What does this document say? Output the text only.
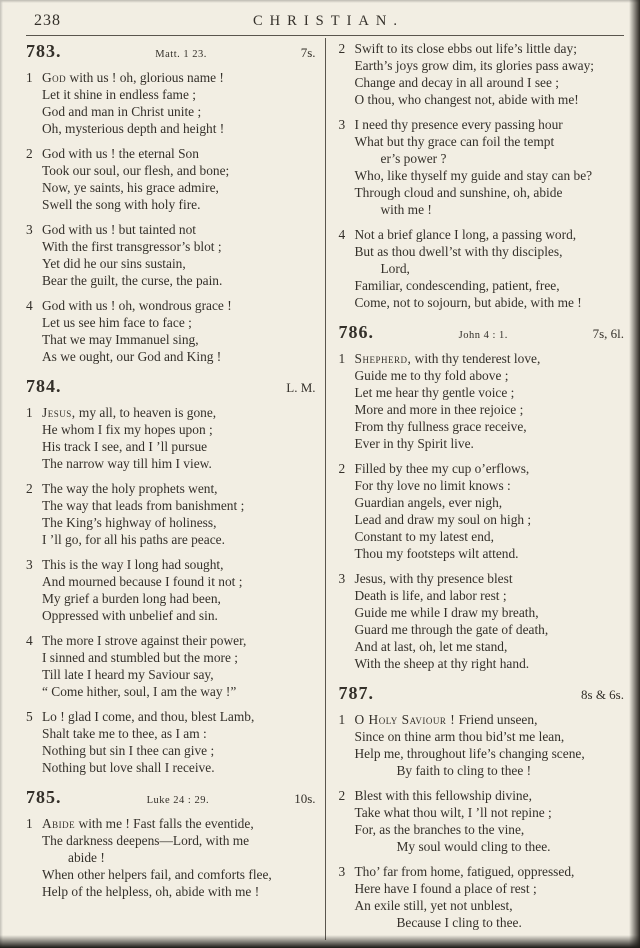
238	CHRISTIAN.
783.	Matt. 1 23.	7s.
1 God with us ! oh, glorious name !
Let it shine in endless fame ;
God and man in Christ unite ;
Oh, mysterious depth and height !
2 God with us ! the eternal Son
Took our soul, our flesh, and bone;
Now, ye saints, his grace admire,
Swell the song with holy fire.
3 God with us ! but tainted not
With the first transgressor’s blot ;
Yet did he our sins sustain,
Bear the guilt, the curse, the pain.
4 God with us ! oh, wondrous grace !
Let us see him face to face ;
That we may Immanuel sing,
As we ought, our God and King !
784.	L. M.
1 Jesus, my all, to heaven is gone,
He whom I fix my hopes upon ;
His track I see, and I ’ll pursue
The narrow way till him I view.
2 The way the holy prophets went,
The way that leads from banishment ;
The King’s highway of holiness,
I ’ll go, for all his paths are peace.
3 This is the way I long had sought,
And mourned because I found it not ;
My grief a burden long had been,
Oppressed with unbelief and sin.
4 The more I strove against their power,
I sinned and stumbled but the more ;
Till late I heard my Saviour say,
“ Come hither, soul, I am the way !”
5 Lo ! glad I come, and thou, blest Lamb,
Shalt take me to thee, as I am :
Nothing but sin I thee can give ;
Nothing but love shall I receive.
785.	Luke 24 : 29.	10s.
1 Abide with me ! Fast falls the eventide,
The darkness deepens—Lord, with me
abide !
When other helpers fail, and comforts flee,
Help of the helpless, oh, abide with me !
2 Swift to its close ebbs out life’s little day;
Earth’s joys grow dim, its glories pass away;
Change and decay in all around I see ;
O thou, who changest not, abide with me!
3 I need thy presence every passing hour
What but thy grace can foil the tempt
er’s power ?
Who, like thyself my guide and stay can be?
Through cloud and sunshine, oh, abide
with me !
4 Not a brief glance I long, a passing word,
But as thou dwell’st with thy disciples,
Lord,
Familiar, condescending, patient, free,
Come, not to sojourn, but abide, with me !
786.	John 4 : 1.	7s, 6l.
1 Shepherd, with thy tenderest love,
Guide me to thy fold above ;
Let me hear thy gentle voice ;
More and more in thee rejoice ;
From thy fullness grace receive,
Ever in thy Spirit live.
2 Filled by thee my cup o’erflows,
For thy love no limit knows :
Guardian angels, ever nigh,
Lead and draw my soul on high ;
Constant to my latest end,
Thou my footsteps wilt attend.
3 Jesus, with thy presence blest
Death is life, and labor rest ;
Guide me while I draw my breath,
Guard me through the gate of death,
And at last, oh, let me stand,
With the sheep at thy right hand.
787.	8s & 6s.
1 O Holy Saviour ! Friend unseen,
Since on thine arm thou bid’st me lean,
Help me, throughout life’s changing scene,
By faith to cling to thee !
2 Blest with this fellowship divine,
Take what thou wilt, I ’ll not repine ;
For, as the branches to the vine,
My soul would cling to thee.
3 Tho’ far from home, fatigued, oppressed,
Here have I found a place of rest ;
An exile still, yet not unblest,
Because I cling to thee.
